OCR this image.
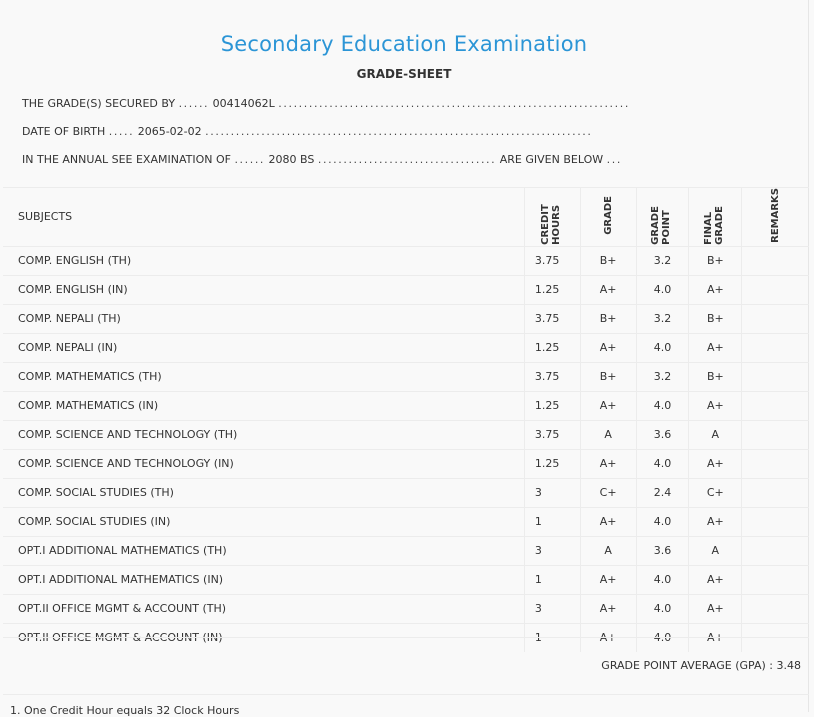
Secondary Education Examination
GRADE-SHEET
THE GRADE(S) SECURED BY ...... 00414062L .....................................................................
DATE OF BIRTH ..... 2065-02-02 ............................................................................
IN THE ANNUAL SEE EXAMINATION OF ...... 2080 BS ................................... ARE GIVEN BELOW ...
SUBJECTS	CREDIT HOURS	GRADE	GRADE POINT	FINAL GRADE	REMARKS
COMP. ENGLISH (TH)	3.75	B+	3.2	B+	
COMP. ENGLISH (IN)	1.25	A+	4.0	A+	
COMP. NEPALI (TH)	3.75	B+	3.2	B+	
COMP. NEPALI (IN)	1.25	A+	4.0	A+	
COMP. MATHEMATICS (TH)	3.75	B+	3.2	B+	
COMP. MATHEMATICS (IN)	1.25	A+	4.0	A+	
COMP. SCIENCE AND TECHNOLOGY (TH)	3.75	A	3.6	A	
COMP. SCIENCE AND TECHNOLOGY (IN)	1.25	A+	4.0	A+	
COMP. SOCIAL STUDIES (TH)	3	C+	2.4	C+	
COMP. SOCIAL STUDIES (IN)	1	A+	4.0	A+	
OPT.I ADDITIONAL MATHEMATICS (TH)	3	A	3.6	A	
OPT.I ADDITIONAL MATHEMATICS (IN)	1	A+	4.0	A+	
OPT.II OFFICE MGMT & ACCOUNT (TH)	3	A+	4.0	A+	
OPT.II OFFICE MGMT & ACCOUNT (IN)	1	A+	4.0	A+	
GRADE POINT AVERAGE (GPA) : 3.48
1. One Credit Hour equals 32 Clock Hours
